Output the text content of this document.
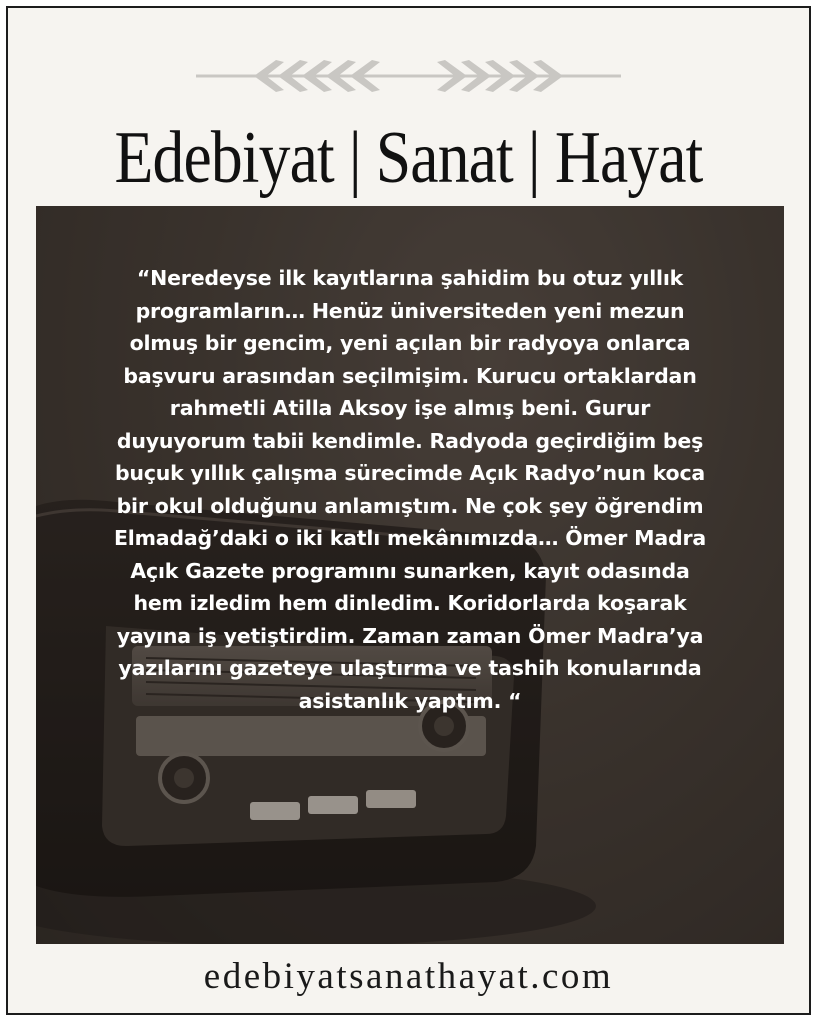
Edebiyat | Sanat | Hayat
“Neredeyse ilk kayıtlarına şahidim bu otuz yıllık
programların… Henüz üniversiteden yeni mezun
olmuş bir gencim, yeni açılan bir radyoya onlarca
başvuru arasından seçilmişim. Kurucu ortaklardan
rahmetli Atilla Aksoy işe almış beni. Gurur
duyuyorum tabii kendimle. Radyoda geçirdiğim beş
buçuk yıllık çalışma sürecimde Açık Radyo’nun koca
bir okul olduğunu anlamıştım. Ne çok şey öğrendim
Elmadağ’daki o iki katlı mekânımızda… Ömer Madra
Açık Gazete programını sunarken, kayıt odasında
hem izledim hem dinledim. Koridorlarda koşarak
yayına iş yetiştirdim. Zaman zaman Ömer Madra’ya
yazılarını gazeteye ulaştırma ve tashih konularında
asistanlık yaptım. “
edebiyatsanathayat.com
